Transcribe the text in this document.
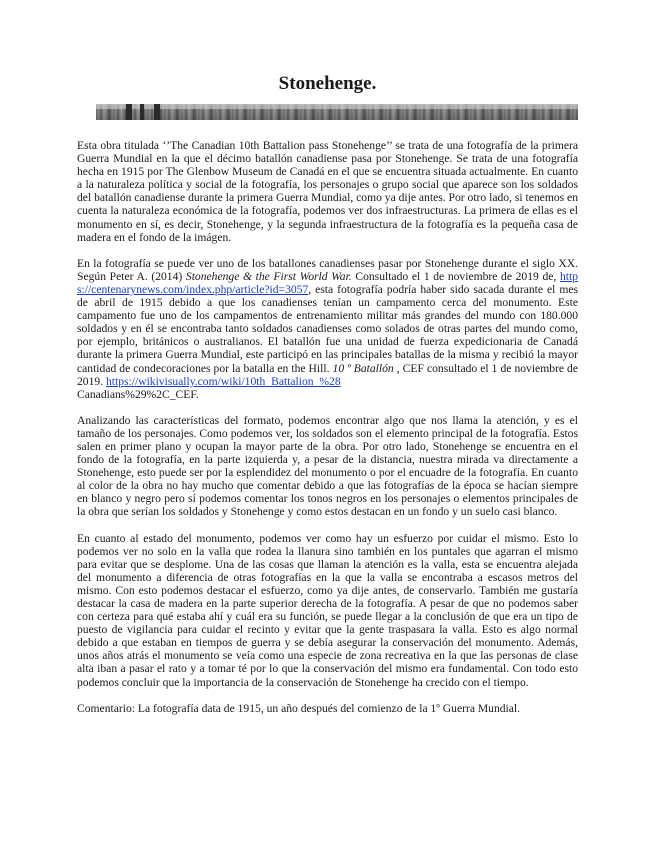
Stonehenge.

Esta obra titulada ‘’The Canadian 10th Battalion pass Stonehenge’’ se trata de una fotografía de la primera Guerra Mundial en la que el décimo batallón canadiense pasa por Stonehenge. Se trata de una fotografía hecha en 1915 por The Glenbow Museum de Canadá en el que se encuentra situada actualmente. En cuanto a la naturaleza política y social de la fotografía, los personajes o grupo social que aparece son los soldados del batallón canadiense durante la primera Guerra Mundial, como ya dije antes. Por otro lado, si tenemos en cuenta la naturaleza económica de la fotografía, podemos ver dos infraestructuras. La primera de ellas es el monumento en sí, es decir, Stonehenge, y la segunda infraestructura de la fotografía es la pequeña casa de madera en el fondo de la imágen.

En la fotografía se puede ver uno de los batallones canadienses pasar por Stonehenge durante el siglo XX. Según Peter A. (2014) Stonehenge & the First World War. Consultado el 1 de noviembre de 2019 de, https://centenarynews.com/index.php/article?id=3057, esta fotografía podría haber sido sacada durante el mes de abril de 1915 debido a que los canadienses tenían un campamento cerca del monumento. Este campamento fue uno de los campamentos de entrenamiento militar más grandes del mundo con 180.000 soldados y en él se encontraba tanto soldados canadienses como solados de otras partes del mundo como, por ejemplo, británicos o australianos. El batallón fue una unidad de fuerza expedicionaria de Canadá durante la primera Guerra Mundial, este participó en las principales batallas de la misma y recibió la mayor cantidad de condecoraciones por la batalla en the Hill. 10 º Batallón , CEF consultado el 1 de noviembre de 2019. https://wikivisually.com/wiki/10th_Battalion_%28
Canadians%29%2C_CEF.

Analizando las características del formato, podemos encontrar algo que nos llama la atención, y es el tamaño de los personajes. Como podemos ver, los soldados son el elemento principal de la fotografía. Estos salen en primer plano y ocupan la mayor parte de la obra. Por otro lado, Stonehenge se encuentra en el fondo de la fotografía, en la parte izquierda y, a pesar de la distancia, nuestra mirada va directamente a Stonehenge, esto puede ser por la esplendidez del monumento o por el encuadre de la fotografía. En cuanto al color de la obra no hay mucho que comentar debido a que las fotografías de la época se hacían siempre en blanco y negro pero sí podemos comentar los tonos negros en los personajes o elementos principales de la obra que serían los soldados y Stonehenge y como estos destacan en un fondo y un suelo casi blanco.

En cuanto al estado del monumento, podemos ver como hay un esfuerzo por cuidar el mismo. Esto lo podemos ver no solo en la valla que rodea la llanura sino también en los puntales que agarran el mismo para evitar que se desplome. Una de las cosas que llaman la atención es la valla, esta se encuentra alejada del monumento a diferencia de otras fotografías en la que la valla se encontraba a escasos metros del mismo. Con esto podemos destacar el esfuerzo, como ya dije antes, de conservarlo. También me gustaría destacar la casa de madera en la parte superior derecha de la fotografía. A pesar de que no podemos saber con certeza para qué estaba ahí y cuál era su función, se puede llegar a la conclusión de que era un tipo de puesto de vigilancia para cuidar el recinto y evitar que la gente traspasara la valla. Esto es algo normal debido a que estaban en tiempos de guerra y se debía asegurar la conservación del monumento. Además, unos años atrás el monumento se veía como una especie de zona recreativa en la que las personas de clase alta iban a pasar el rato y a tomar té por lo que la conservación del mismo era fundamental. Con todo esto podemos concluir que la importancia de la conservación de Stonehenge ha crecido con el tiempo.

Comentario: La fotografía data de 1915, un año después del comienzo de la 1º Guerra Mundial.
